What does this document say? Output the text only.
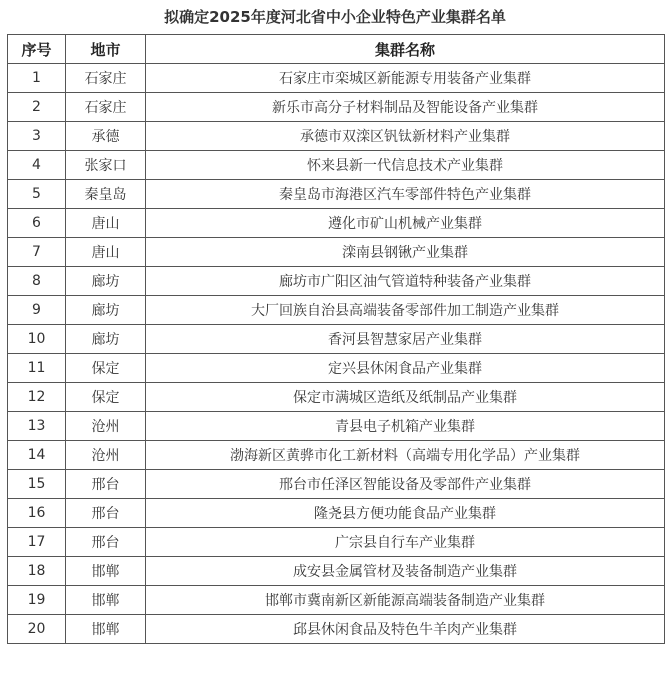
拟确定2025年度河北省中小企业特色产业集群名单
序号	地市	集群名称
1	石家庄	石家庄市栾城区新能源专用装备产业集群
2	石家庄	新乐市高分子材料制品及智能设备产业集群
3	承德	承德市双滦区钒钛新材料产业集群
4	张家口	怀来县新一代信息技术产业集群
5	秦皇岛	秦皇岛市海港区汽车零部件特色产业集群
6	唐山	遵化市矿山机械产业集群
7	唐山	滦南县钢锹产业集群
8	廊坊	廊坊市广阳区油气管道特种装备产业集群
9	廊坊	大厂回族自治县高端装备零部件加工制造产业集群
10	廊坊	香河县智慧家居产业集群
11	保定	定兴县休闲食品产业集群
12	保定	保定市满城区造纸及纸制品产业集群
13	沧州	青县电子机箱产业集群
14	沧州	渤海新区黄骅市化工新材料（高端专用化学品）产业集群
15	邢台	邢台市任泽区智能设备及零部件产业集群
16	邢台	隆尧县方便功能食品产业集群
17	邢台	广宗县自行车产业集群
18	邯郸	成安县金属管材及装备制造产业集群
19	邯郸	邯郸市冀南新区新能源高端装备制造产业集群
20	邯郸	邱县休闲食品及特色牛羊肉产业集群
